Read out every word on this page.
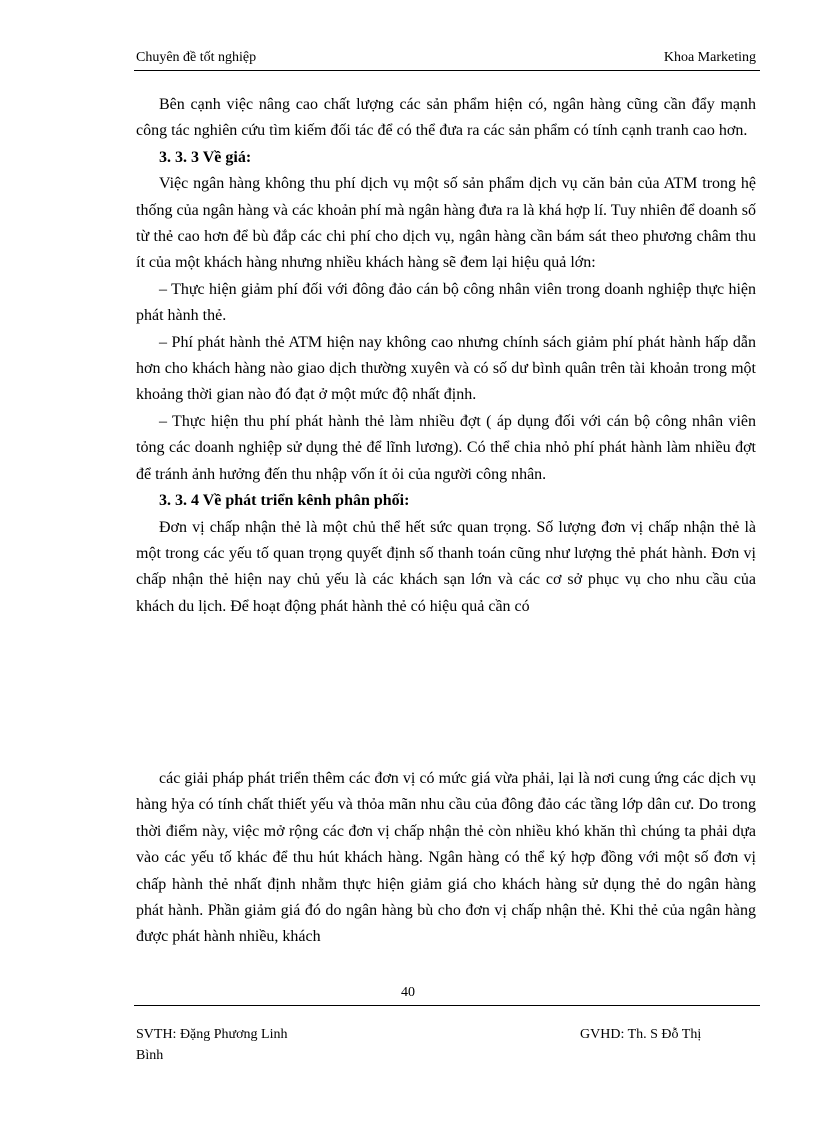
Chuyên đề tốt nghiệp	Khoa Marketing

Bên cạnh việc nâng cao chất lượng các sản phẩm hiện có, ngân hàng cũng cần đẩy mạnh công tác nghiên cứu tìm kiếm đối tác để có thể đưa ra các sản phẩm có tính cạnh tranh cao hơn.

3. 3. 3 Về giá:

Việc ngân hàng không thu phí dịch vụ một số sản phẩm dịch vụ căn bản của ATM trong hệ thống của ngân hàng và các khoản phí mà ngân hàng đưa ra là khá hợp lí. Tuy nhiên để doanh số từ thẻ cao hơn để bù đắp các chi phí cho dịch vụ, ngân hàng cần bám sát theo phương châm thu ít của một khách hàng nhưng nhiều khách hàng sẽ đem lại hiệu quả lớn:

– Thực hiện giảm phí đối với đông đảo cán bộ công nhân viên trong doanh nghiệp thực hiện phát hành thẻ.

– Phí phát hành thẻ ATM hiện nay không cao nhưng chính sách giảm phí phát hành hấp dẫn hơn cho khách hàng nào giao dịch thường xuyên và có số dư bình quân trên tài khoản trong một khoảng thời gian nào đó đạt ở một mức độ nhất định.

– Thực hiện thu phí phát hành thẻ làm nhiều đợt ( áp dụng đối với cán bộ công nhân viên tỏng các doanh nghiệp sử dụng thẻ để lĩnh lương). Có thể chia nhỏ phí phát hành làm nhiều đợt để tránh ảnh hưởng đến thu nhập vốn ít ỏi của người công nhân.

3. 3. 4 Về phát triển kênh phân phối:

Đơn vị chấp nhận thẻ là một chủ thể hết sức quan trọng. Số lượng đơn vị chấp nhận thẻ là một trong các yếu tố quan trọng quyết định số thanh toán cũng như lượng thẻ phát hành. Đơn vị chấp nhận thẻ hiện nay chủ yếu là các khách sạn lớn và các cơ sở phục vụ cho nhu cầu của khách du lịch. Để hoạt động phát hành thẻ có hiệu quả cần có

các giải pháp phát triển thêm các đơn vị có mức giá vừa phải, lại là nơi cung ứng các dịch vụ hàng hỷa có tính chất thiết yếu và thỏa mãn nhu cầu của đông đảo các tầng lớp dân cư. Do trong thời điểm này, việc mở rộng các đơn vị chấp nhận thẻ còn nhiều khó khăn thì chúng ta phải dựa vào các yếu tố khác để thu hút khách hàng. Ngân hàng có thể ký hợp đồng với một số đơn vị chấp hành thẻ nhất định nhằm thực hiện giảm giá cho khách hàng sử dụng thẻ do ngân hàng phát hành. Phần giảm giá đó do ngân hàng bù cho đơn vị chấp nhận thẻ. Khi thẻ của ngân hàng được phát hành nhiều, khách

40
SVTH: Đặng Phương Linh
Bình
GVHD: Th. S Đỗ Thị
